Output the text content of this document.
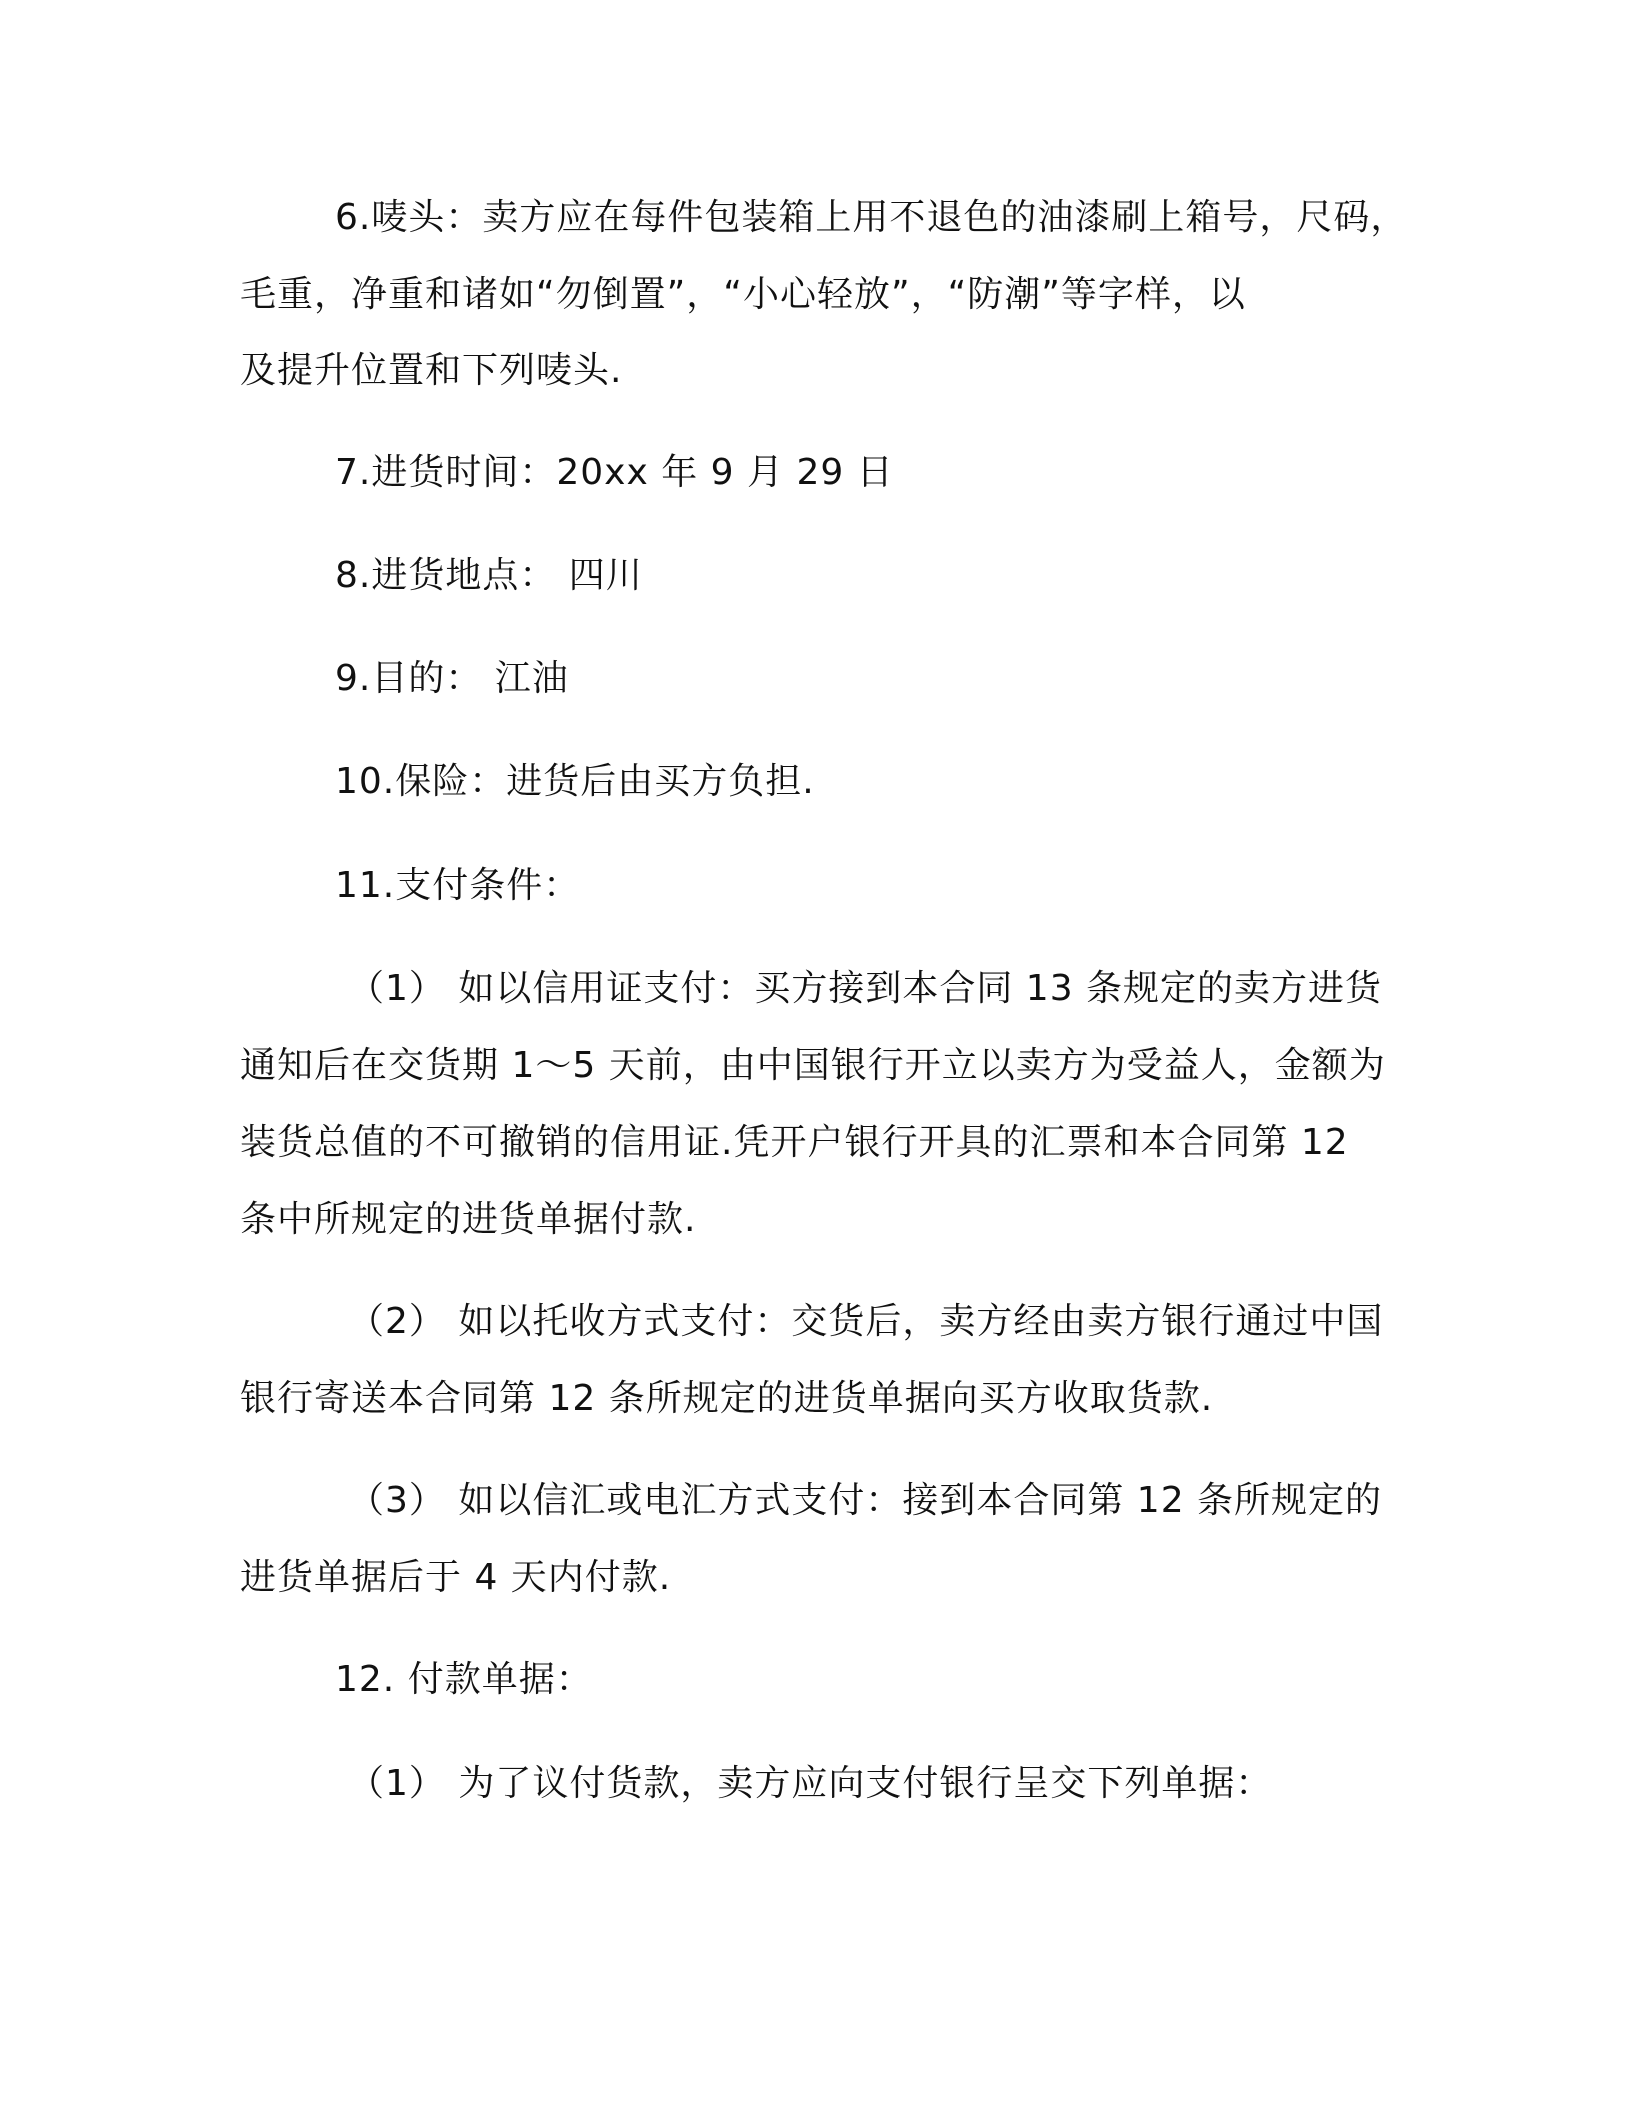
6.唛头：卖方应在每件包装箱上用不退色的油漆刷上箱号，尺码，
毛重，净重和诸如“勿倒置”，“小心轻放”，“防潮”等字样，以
及提升位置和下列唛头.
7.进货时间：20xx 年 9 月 29 日
8.进货地点： 四川
9.目的： 江油
10.保险：进货后由买方负担.
11.支付条件：
（1） 如以信用证支付：买方接到本合同 13 条规定的卖方进货
通知后在交货期 1～5 天前，由中国银行开立以卖方为受益人，金额为
装货总值的不可撤销的信用证.凭开户银行开具的汇票和本合同第 12
条中所规定的进货单据付款.
（2） 如以托收方式支付：交货后，卖方经由卖方银行通过中国
银行寄送本合同第 12 条所规定的进货单据向买方收取货款.
（3） 如以信汇或电汇方式支付：接到本合同第 12 条所规定的
进货单据后于 4 天内付款.
12. 付款单据：
（1） 为了议付货款，卖方应向支付银行呈交下列单据：
